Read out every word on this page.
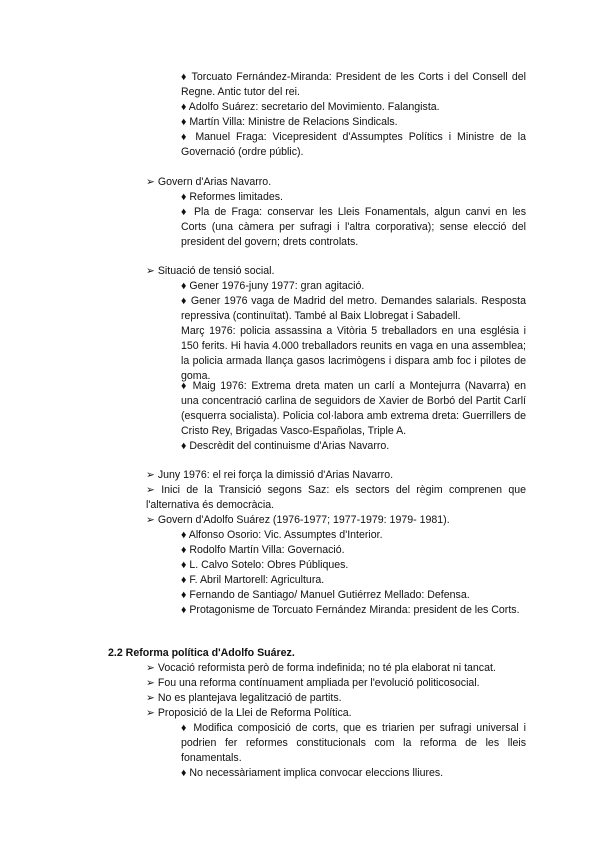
♦ Torcuato Fernández-Miranda: President de les Corts i del Consell del Regne. Antic tutor del rei.
♦ Adolfo Suárez: secretario del Movimiento. Falangista.
♦ Martín Villa: Ministre de Relacions Sindicals.
♦ Manuel Fraga: Vicepresident d'Assumptes Polítics i Ministre de la Governació (ordre públic).
➢ Govern d'Arias Navarro.
♦ Reformes limitades.
♦ Pla de Fraga: conservar les Lleis Fonamentals, algun canvi en les Corts (una càmera per sufragi i l'altra corporativa); sense elecció del president del govern; drets controlats.
➢ Situació de tensió social.
♦ Gener 1976-juny 1977: gran agitació.
♦ Gener 1976 vaga de Madrid del metro. Demandes salarials. Resposta repressiva (continuïtat). També al Baix Llobregat i Sabadell.
Març 1976: policia assassina a Vitòria 5 treballadors en una església i 150 ferits. Hi havia 4.000 treballadors reunits en vaga en una assemblea; la policia armada llança gasos lacrimògens i dispara amb foc i pilotes de goma.
♦ Maig 1976: Extrema dreta maten un carlí a Montejurra (Navarra) en una concentració carlina de seguidors de Xavier de Borbó del Partit Carlí (esquerra socialista). Policia col·labora amb extrema dreta: Guerrillers de Cristo Rey, Brigadas Vasco-Españolas, Triple A.
♦ Descrèdit del continuisme d'Arias Navarro.
➢ Juny 1976: el rei força la dimissió d'Arias Navarro.
➢ Inici de la Transició segons Saz: els sectors del règim comprenen que l'alternativa és democràcia.
➢ Govern d'Adolfo Suárez (1976-1977; 1977-1979: 1979- 1981).
♦ Alfonso Osorio: Vic. Assumptes d'Interior.
♦ Rodolfo Martín Villa: Governació.
♦ L. Calvo Sotelo: Obres Públiques.
♦ F. Abril Martorell: Agricultura.
♦ Fernando de Santiago/ Manuel Gutiérrez Mellado: Defensa.
♦ Protagonisme de Torcuato Fernández Miranda: president de les Corts.
2.2 Reforma política d'Adolfo Suárez.
➢ Vocació reformista però de forma indefinida; no té pla elaborat ni tancat.
➢ Fou una reforma contínuament ampliada per l'evolució politicosocial.
➢ No es plantejava legalització de partits.
➢ Proposició de la Llei de Reforma Política.
♦ Modifica composició de corts, que es triarien per sufragi universal i podrien fer reformes constitucionals com la reforma de les lleis fonamentals.
♦ No necessàriament implica convocar eleccions lliures.
